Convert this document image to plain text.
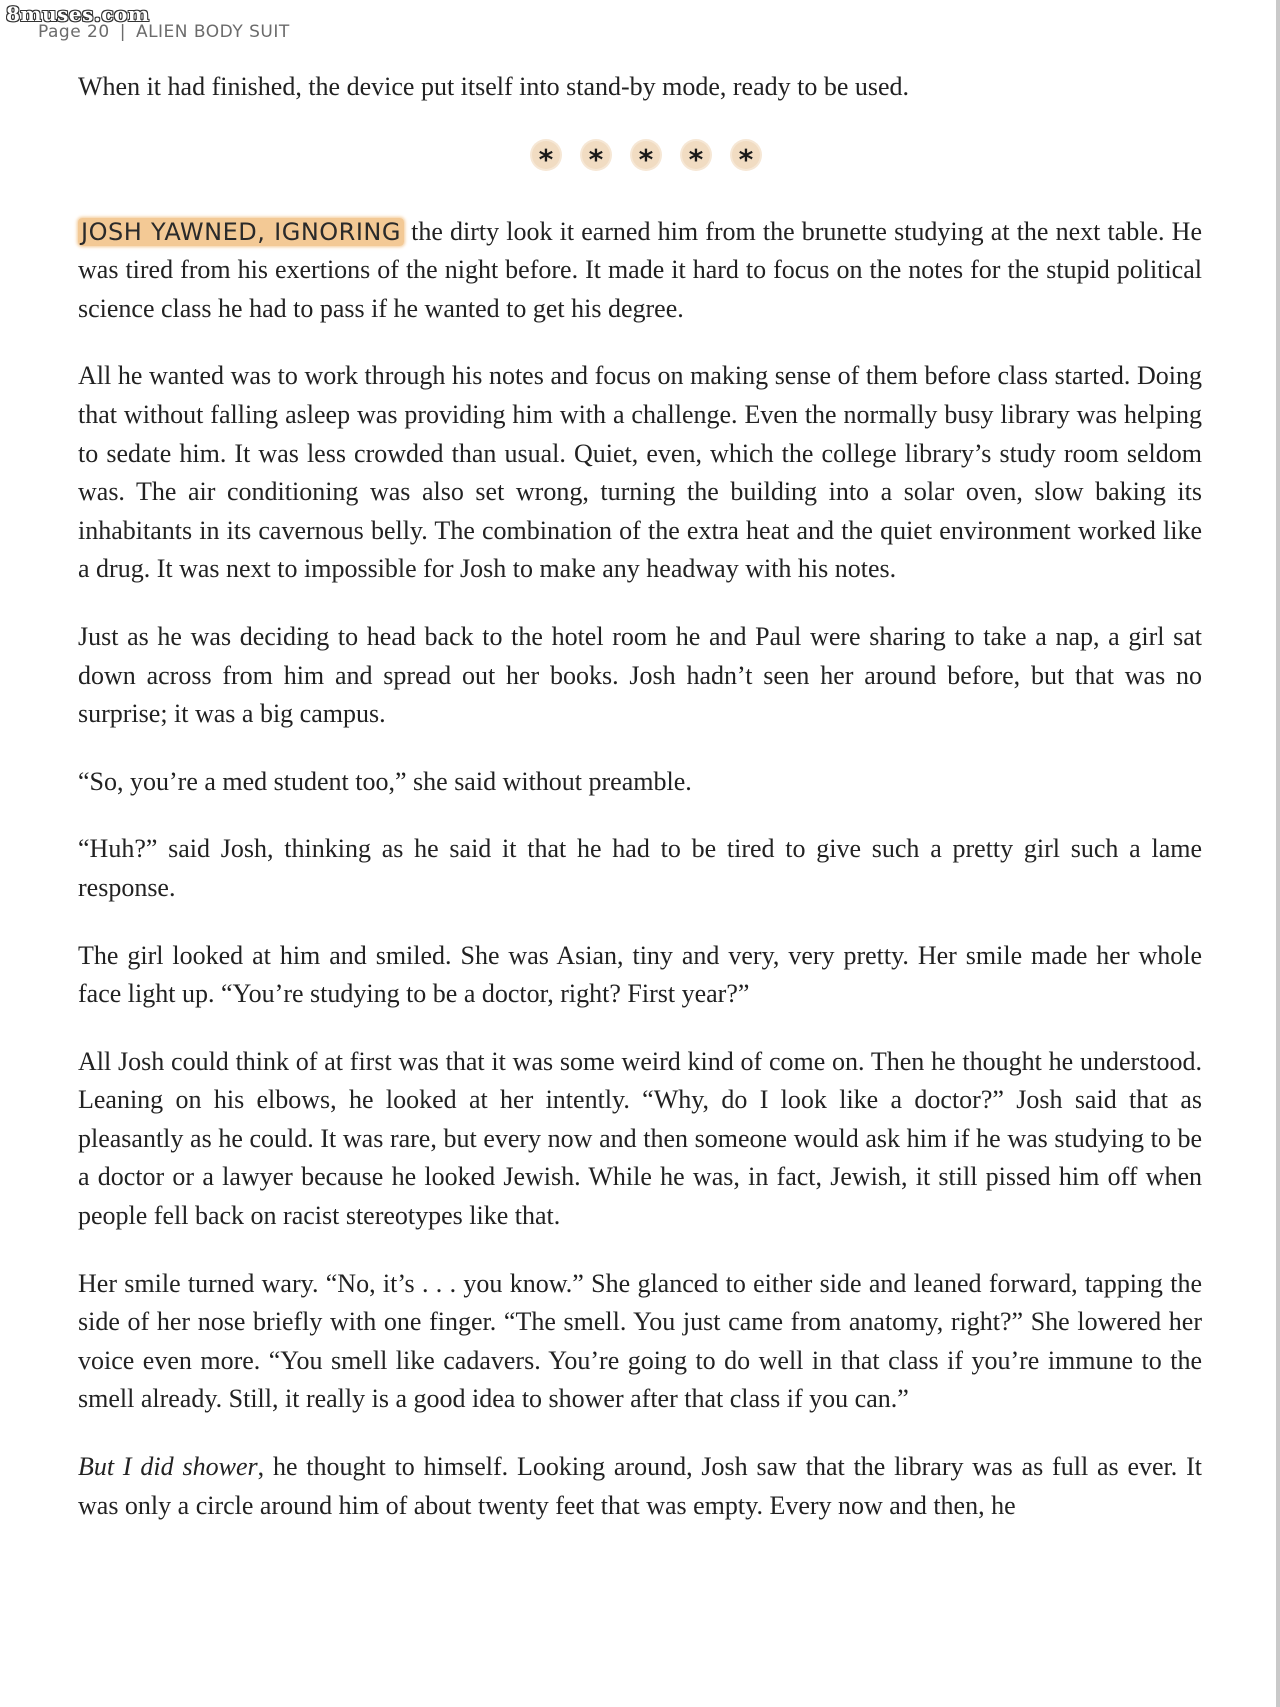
8muses.com
Page 20 | ALIEN BODY SUIT

When it had finished, the device put itself into stand-by mode, ready to be used.

* * * * *

JOSH YAWNED, IGNORING the dirty look it earned him from the brunette studying at the next table. He was tired from his exertions of the night before. It made it hard to focus on the notes for the stupid political science class he had to pass if he wanted to get his degree.

All he wanted was to work through his notes and focus on making sense of them before class started. Doing that without falling asleep was providing him with a challenge. Even the normally busy library was helping to sedate him. It was less crowded than usual. Quiet, even, which the college library’s study room seldom was. The air conditioning was also set wrong, turning the building into a solar oven, slow baking its inhabitants in its cavernous belly. The combination of the extra heat and the quiet environment worked like a drug. It was next to impossible for Josh to make any headway with his notes.

Just as he was deciding to head back to the hotel room he and Paul were sharing to take a nap, a girl sat down across from him and spread out her books. Josh hadn’t seen her around before, but that was no surprise; it was a big campus.

“So, you’re a med student too,” she said without preamble.

“Huh?” said Josh, thinking as he said it that he had to be tired to give such a pretty girl such a lame response.

The girl looked at him and smiled. She was Asian, tiny and very, very pretty. Her smile made her whole face light up. “You’re studying to be a doctor, right? First year?”

All Josh could think of at first was that it was some weird kind of come on. Then he thought he understood. Leaning on his elbows, he looked at her intently. “Why, do I look like a doctor?” Josh said that as pleasantly as he could. It was rare, but every now and then someone would ask him if he was studying to be a doctor or a lawyer because he looked Jewish. While he was, in fact, Jewish, it still pissed him off when people fell back on racist stereotypes like that.

Her smile turned wary. “No, it’s . . . you know.” She glanced to either side and leaned forward, tapping the side of her nose briefly with one finger. “The smell. You just came from anatomy, right?” She lowered her voice even more. “You smell like cadavers. You’re going to do well in that class if you’re immune to the smell already. Still, it really is a good idea to shower after that class if you can.”

But I did shower, he thought to himself. Looking around, Josh saw that the library was as full as ever. It was only a circle around him of about twenty feet that was empty. Every now and then, he
